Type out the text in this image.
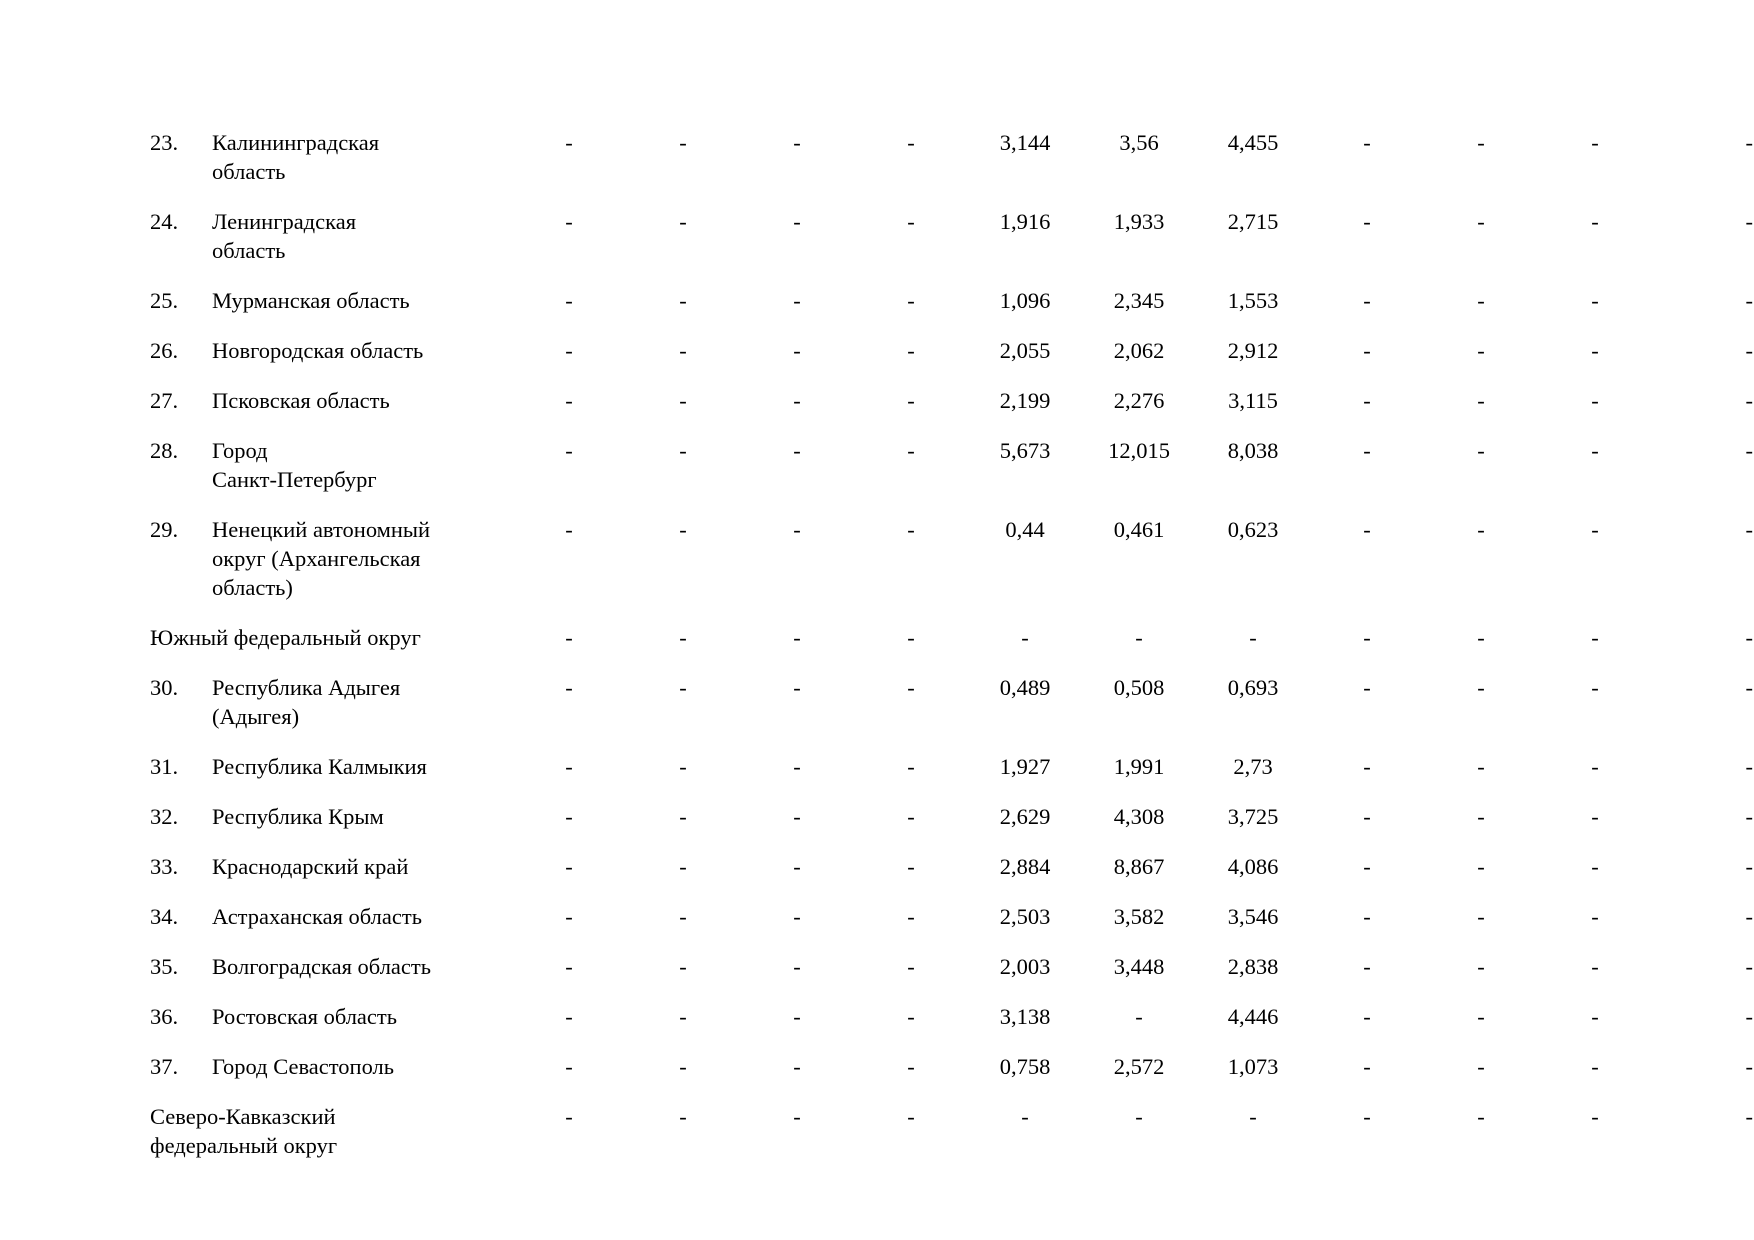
23.	Калининградская
область	-	-	-	-	3,144	3,56	4,455	-	-	-	-
24.	Ленинградская
область	-	-	-	-	1,916	1,933	2,715	-	-	-	-
25.	Мурманская область	-	-	-	-	1,096	2,345	1,553	-	-	-	-
26.	Новгородская область	-	-	-	-	2,055	2,062	2,912	-	-	-	-
27.	Псковская область	-	-	-	-	2,199	2,276	3,115	-	-	-	-
28.	Город
Санкт-Петербург	-	-	-	-	5,673	12,015	8,038	-	-	-	-
29.	Ненецкий автономный
округ (Архангельская
область)	-	-	-	-	0,44	0,461	0,623	-	-	-	-
Южный федеральный округ		-	-	-	-	-	-	-	-	-	-	-
30.	Республика Адыгея
(Адыгея)	-	-	-	-	0,489	0,508	0,693	-	-	-	-
31.	Республика Калмыкия	-	-	-	-	1,927	1,991	2,73	-	-	-	-
32.	Республика Крым	-	-	-	-	2,629	4,308	3,725	-	-	-	-
33.	Краснодарский край	-	-	-	-	2,884	8,867	4,086	-	-	-	-
34.	Астраханская область	-	-	-	-	2,503	3,582	3,546	-	-	-	-
35.	Волгоградская область	-	-	-	-	2,003	3,448	2,838	-	-	-	-
36.	Ростовская область	-	-	-	-	3,138	-	4,446	-	-	-	-
37.	Город Севастополь	-	-	-	-	0,758	2,572	1,073	-	-	-	-
Северо-Кавказский
федеральный округ		-	-	-	-	-	-	-	-	-	-	-
